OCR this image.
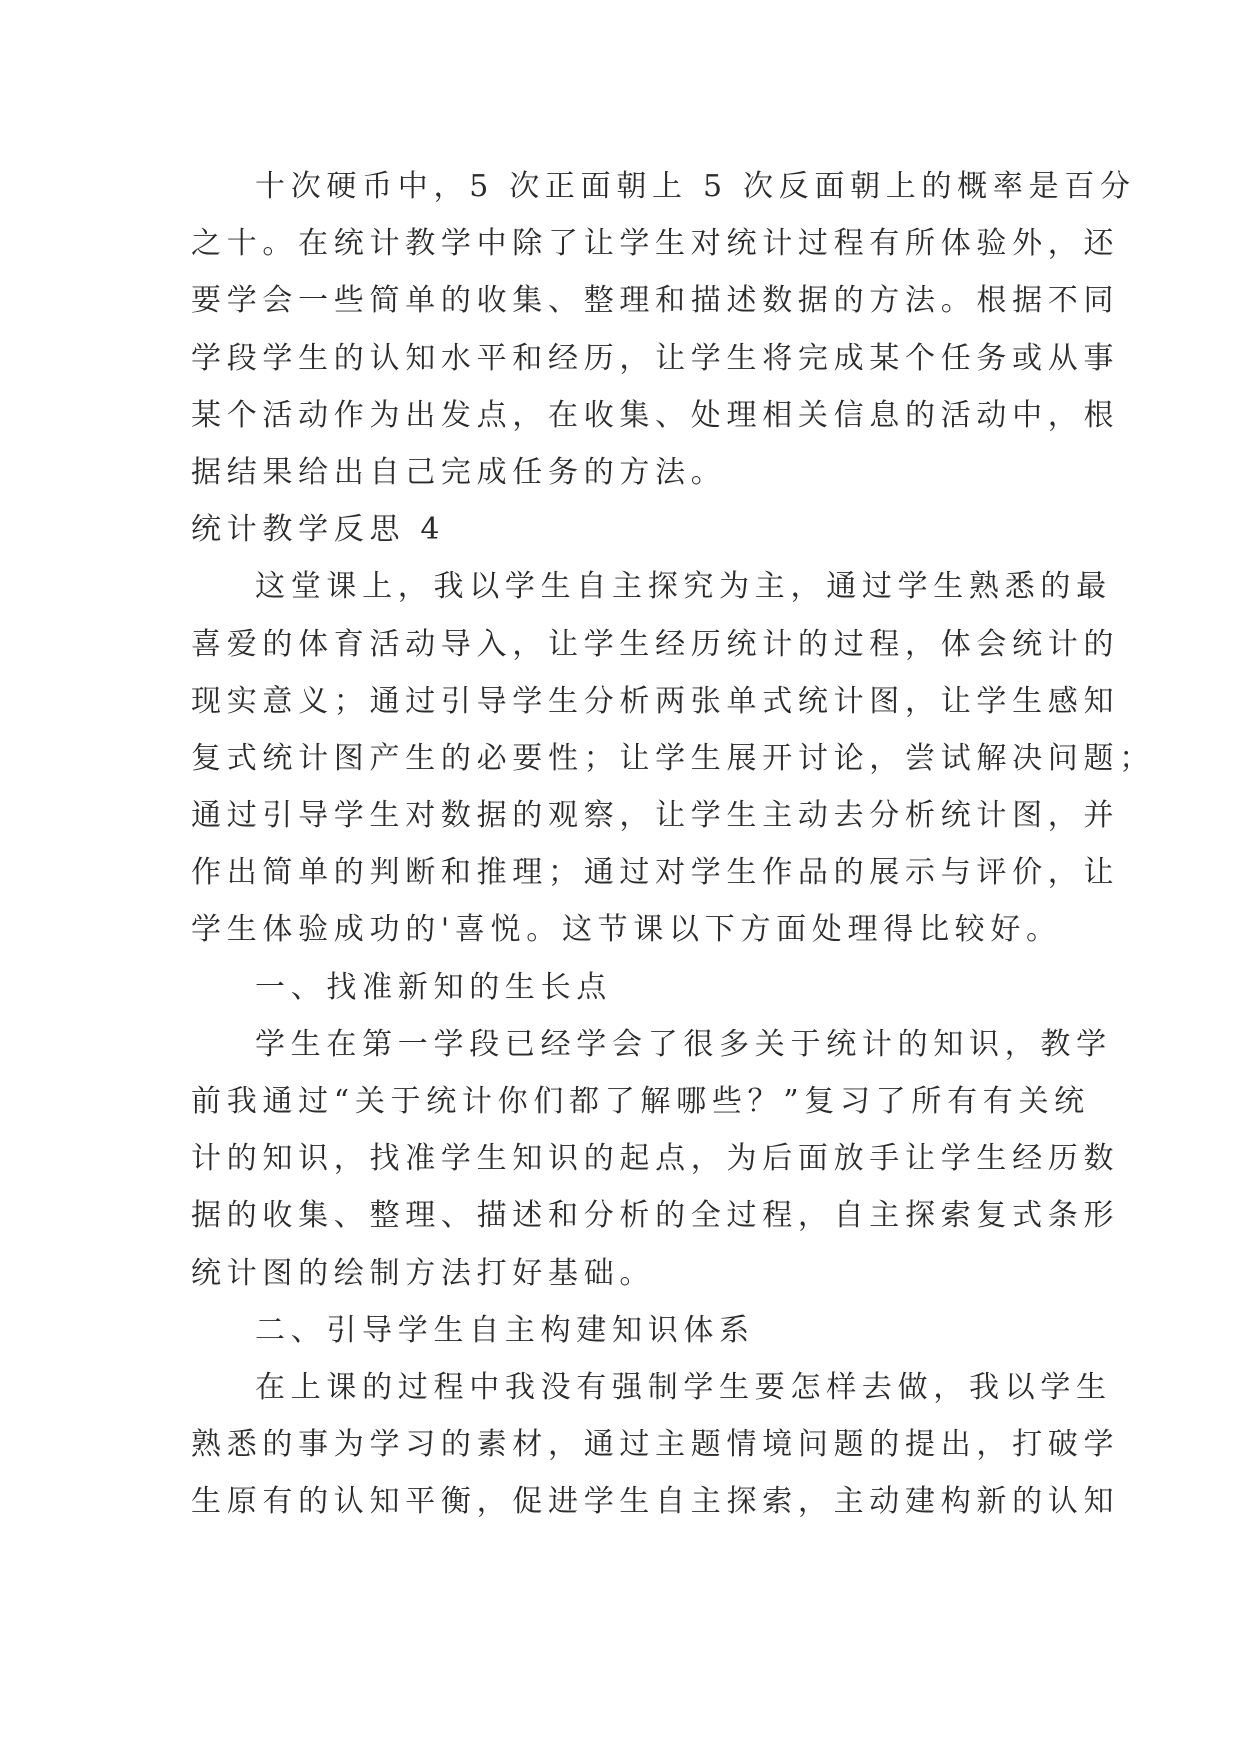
十次硬币中，5 次正面朝上 5 次反面朝上的概率是百分
之十。在统计教学中除了让学生对统计过程有所体验外，还
要学会一些简单的收集、整理和描述数据的方法。根据不同
学段学生的认知水平和经历，让学生将完成某个任务或从事
某个活动作为出发点，在收集、处理相关信息的活动中，根
据结果给出自己完成任务的方法。
统计教学反思 4
这堂课上，我以学生自主探究为主，通过学生熟悉的最
喜爱的体育活动导入，让学生经历统计的过程，体会统计的
现实意义；通过引导学生分析两张单式统计图，让学生感知
复式统计图产生的必要性；让学生展开讨论，尝试解决问题；
通过引导学生对数据的观察，让学生主动去分析统计图，并
作出简单的判断和推理；通过对学生作品的展示与评价，让
学生体验成功的'喜悦。这节课以下方面处理得比较好。
一、找准新知的生长点
学生在第一学段已经学会了很多关于统计的知识，教学
前我通过“关于统计你们都了解哪些？”复习了所有有关统
计的知识，找准学生知识的起点，为后面放手让学生经历数
据的收集、整理、描述和分析的全过程，自主探索复式条形
统计图的绘制方法打好基础。
二、引导学生自主构建知识体系
在上课的过程中我没有强制学生要怎样去做，我以学生
熟悉的事为学习的素材，通过主题情境问题的提出，打破学
生原有的认知平衡，促进学生自主探索，主动建构新的认知
